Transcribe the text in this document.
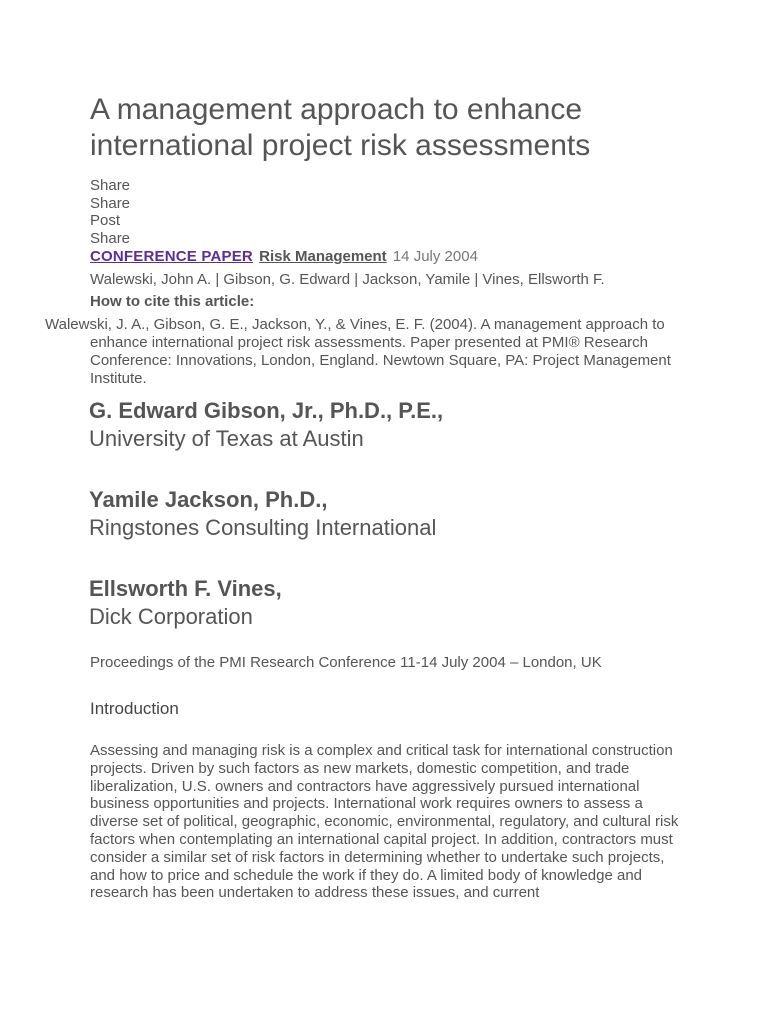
A management approach to enhance international project risk assessments
Share
Share
Post
Share
CONFERENCE PAPER Risk Management 14 July 2004
Walewski, John A. | Gibson, G. Edward | Jackson, Yamile | Vines, Ellsworth F.

How to cite this article:

Walewski, J. A., Gibson, G. E., Jackson, Y., & Vines, E. F. (2004). A management approach to enhance international project risk assessments. Paper presented at PMI® Research Conference: Innovations, London, England. Newtown Square, PA: Project Management Institute.

G. Edward Gibson, Jr., Ph.D., P.E.,
University of Texas at Austin
Yamile Jackson, Ph.D.,
Ringstones Consulting International
Ellsworth F. Vines,
Dick Corporation

Proceedings of the PMI Research Conference 11-14 July 2004 – London, UK

Introduction

Assessing and managing risk is a complex and critical task for international construction projects. Driven by such factors as new markets, domestic competition, and trade liberalization, U.S. owners and contractors have aggressively pursued international business opportunities and projects. International work requires owners to assess a diverse set of political, geographic, economic, environmental, regulatory, and cultural risk factors when contemplating an international capital project. In addition, contractors must consider a similar set of risk factors in determining whether to undertake such projects, and how to price and schedule the work if they do. A limited body of knowledge and research has been undertaken to address these issues, and current
